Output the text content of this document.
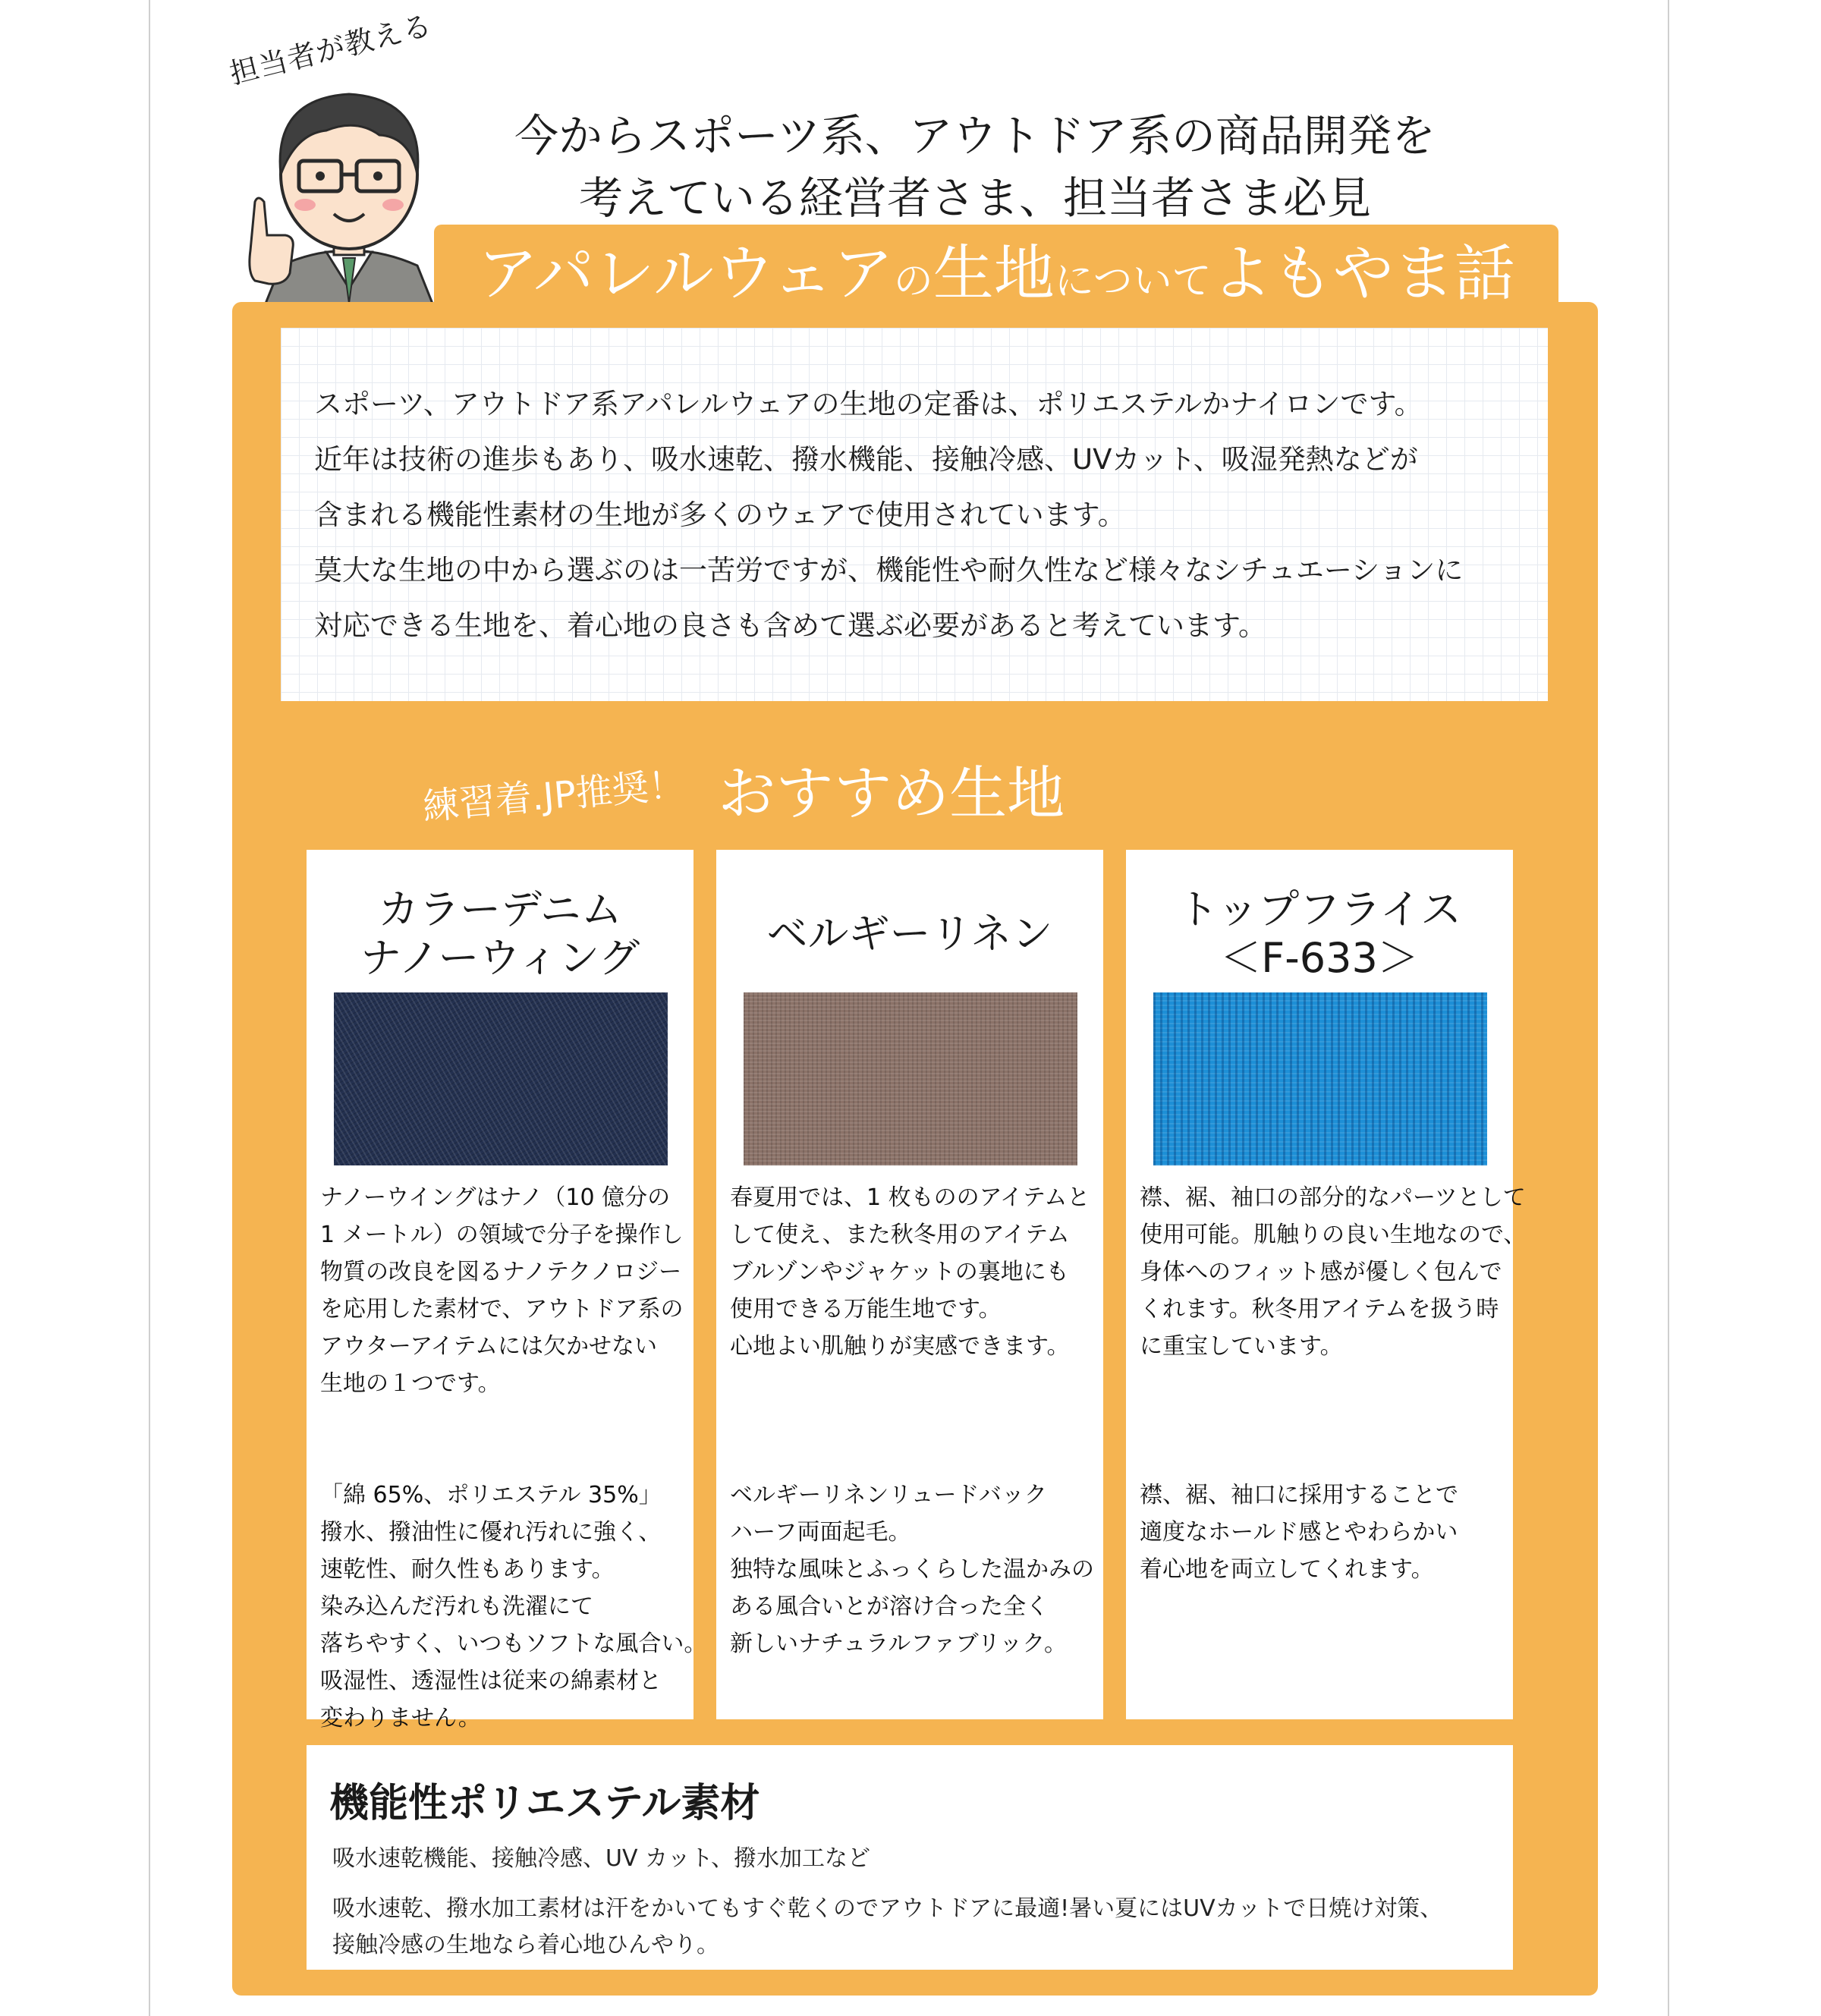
担当者が教える
今からスポーツ系、アウトドア系の商品開発を
考えている経営者さま、担当者さま必見
アパレルウェアの生地についてよもやま話

スポーツ、アウトドア系アパレルウェアの生地の定番は、ポリエステルかナイロンです。

近年は技術の進歩もあり、吸水速乾、撥水機能、接触冷感、UVカット、吸湿発熱などが

含まれる機能性素材の生地が多くのウェアで使用されています。

莫大な生地の中から選ぶのは一苦労ですが、機能性や耐久性など様々なシチュエーションに

対応できる生地を、着心地の良さも含めて選ぶ必要があると考えています。

練習着.JP推奨！ おすすめ生地
カラーデニム
ナノーウィング

ナノーウイングはナノ（10 億分の

1 メートル）の領域で分子を操作し

物質の改良を図るナノテクノロジー

を応用した素材で、アウトドア系の

アウターアイテムには欠かせない

生地の１つです。

「綿 65%、ポリエステル 35%」

撥水、撥油性に優れ汚れに強く、

速乾性、耐久性もあります。

染み込んだ汚れも洗濯にて

落ちやすく、いつもソフトな風合い。

吸湿性、透湿性は従来の綿素材と

変わりません。

ベルギーリネン

春夏用では、1 枚もののアイテムと

して使え、また秋冬用のアイテム

ブルゾンやジャケットの裏地にも

使用できる万能生地です。

心地よい肌触りが実感できます。

ベルギーリネンリュードバック

ハーフ両面起毛。

独特な風味とふっくらした温かみの

ある風合いとが溶け合った全く

新しいナチュラルファブリック。

トップフライス
＜F-633＞

襟、裾、袖口の部分的なパーツとして

使用可能。肌触りの良い生地なので、

身体へのフィット感が優しく包んで

くれます。秋冬用アイテムを扱う時

に重宝しています。

襟、裾、袖口に採用することで

適度なホールド感とやわらかい

着心地を両立してくれます。

機能性ポリエステル素材
吸水速乾機能、接触冷感、UV カット、撥水加工など

吸水速乾、撥水加工素材は汗をかいてもすぐ乾くのでアウトドアに最適!暑い夏にはUVカットで日焼け対策、

接触冷感の生地なら着心地ひんやり。
